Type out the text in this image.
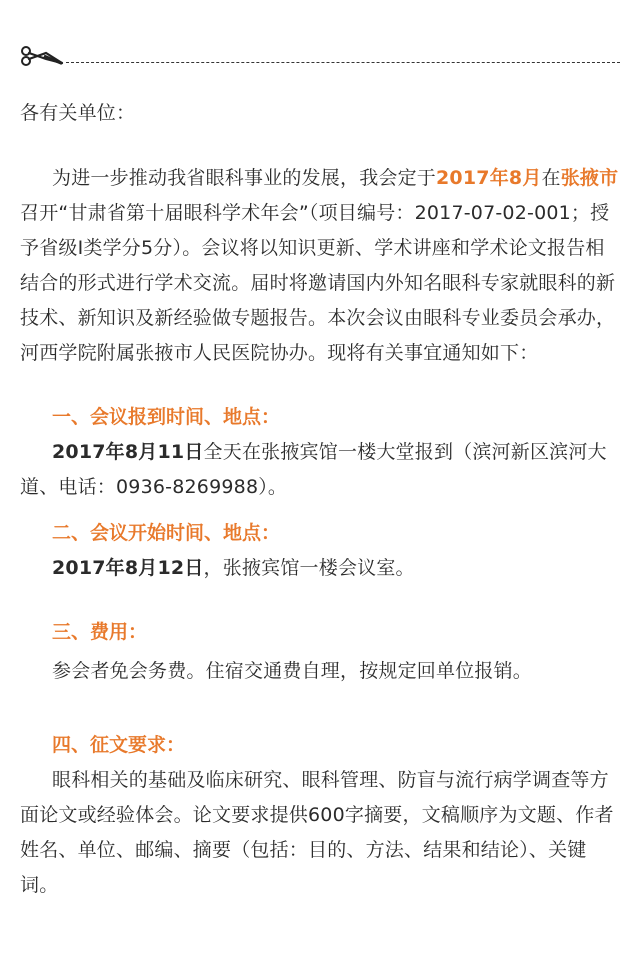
各有关单位：

为进一步推动我省眼科事业的发展，我会定于2017年8月在张掖市召开“甘肃省第十届眼科学术年会”（项目编号：2017-07-02-001；授予省级Ⅰ类学分5分）。会议将以知识更新、学术讲座和学术论文报告相结合的形式进行学术交流。届时将邀请国内外知名眼科专家就眼科的新技术、新知识及新经验做专题报告。本次会议由眼科专业委员会承办，河西学院附属张掖市人民医院协办。现将有关事宜通知如下：

一、会议报到时间、地点：

2017年8月11日全天在张掖宾馆一楼大堂报到（滨河新区滨河大道、电话：0936-8269988）。

二、会议开始时间、地点：

2017年8月12日，张掖宾馆一楼会议室。

三、费用：

参会者免会务费。住宿交通费自理，按规定回单位报销。

四、征文要求：

眼科相关的基础及临床研究、眼科管理、防盲与流行病学调查等方面论文或经验体会。论文要求提供600字摘要，文稿顺序为文题、作者姓名、单位、邮编、摘要（包括：目的、方法、结果和结论）、关键词。
